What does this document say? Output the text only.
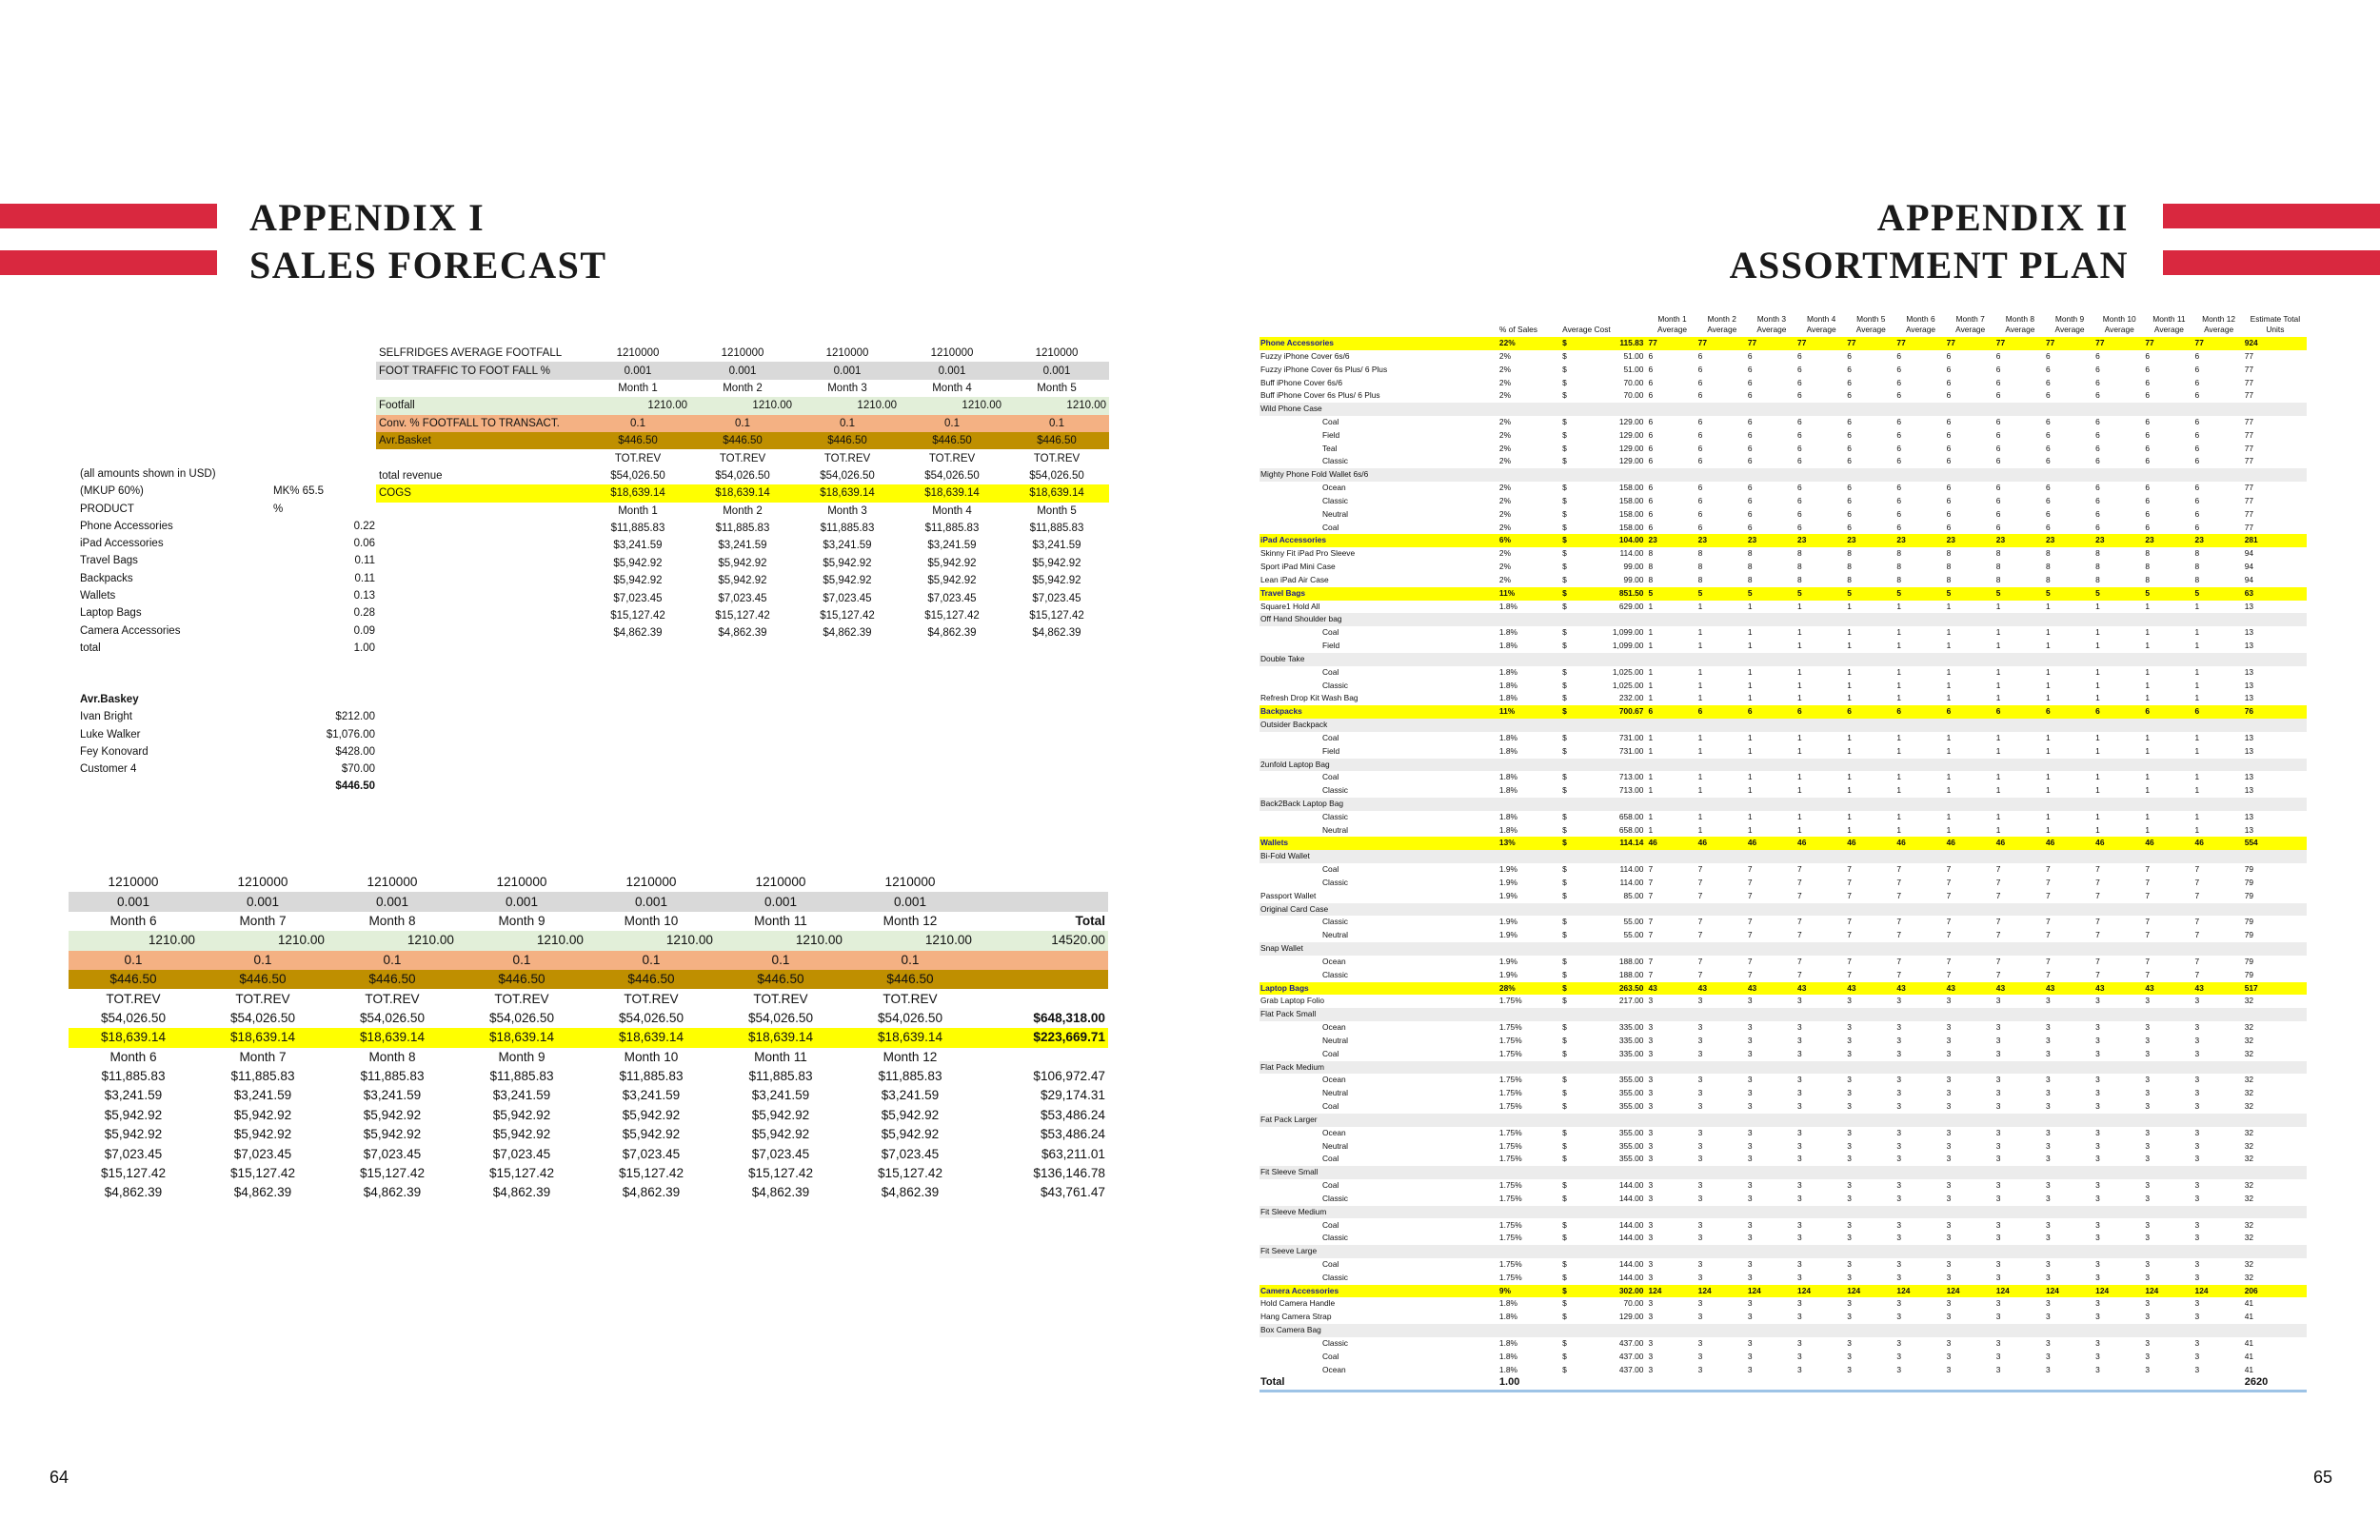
APPENDIX I
SALES FORECAST
APPENDIX II
ASSORTMENT PLAN
64	65
SELFRIDGES AVERAGE FOOTFALL	1210000	1210000	1210000	1210000	1210000
FOOT TRAFFIC TO FOOT FALL %	0.001	0.001	0.001	0.001	0.001
	Month 1	Month 2	Month 3	Month 4	Month 5
Footfall	1210.00	1210.00	1210.00	1210.00	1210.00
Conv. % FOOTFALL TO TRANSACT.	0.1	0.1	0.1	0.1	0.1
Avr.Basket	$446.50	$446.50	$446.50	$446.50	$446.50
	TOT.REV	TOT.REV	TOT.REV	TOT.REV	TOT.REV
total revenue	$54,026.50	$54,026.50	$54,026.50	$54,026.50	$54,026.50
COGS	$18,639.14	$18,639.14	$18,639.14	$18,639.14	$18,639.14
	Month 1	Month 2	Month 3	Month 4	Month 5
	$11,885.83	$11,885.83	$11,885.83	$11,885.83	$11,885.83
	$3,241.59	$3,241.59	$3,241.59	$3,241.59	$3,241.59
	$5,942.92	$5,942.92	$5,942.92	$5,942.92	$5,942.92
	$5,942.92	$5,942.92	$5,942.92	$5,942.92	$5,942.92
	$7,023.45	$7,023.45	$7,023.45	$7,023.45	$7,023.45
	$15,127.42	$15,127.42	$15,127.42	$15,127.42	$15,127.42
	$4,862.39	$4,862.39	$4,862.39	$4,862.39	$4,862.39
(all amounts shown in USD)
(MKUP 60%)	MK% 65.5
PRODUCT	%
Phone Accessories	0.22
iPad Accessories	0.06
Travel Bags	0.11
Backpacks	0.11
Wallets	0.13
Laptop Bags	0.28
Camera Accessories	0.09
total	1.00
Avr.Baskey
Ivan Bright	$212.00
Luke Walker	$1,076.00
Fey Konovard	$428.00
Customer 4	$70.00
$446.50
1210000	1210000	1210000	1210000	1210000	1210000	1210000	
0.001	0.001	0.001	0.001	0.001	0.001	0.001	
Month 6	Month 7	Month 8	Month 9	Month 10	Month 11	Month 12	Total
1210.00	1210.00	1210.00	1210.00	1210.00	1210.00	1210.00	14520.00
0.1	0.1	0.1	0.1	0.1	0.1	0.1	
$446.50	$446.50	$446.50	$446.50	$446.50	$446.50	$446.50	
TOT.REV	TOT.REV	TOT.REV	TOT.REV	TOT.REV	TOT.REV	TOT.REV	
$54,026.50	$54,026.50	$54,026.50	$54,026.50	$54,026.50	$54,026.50	$54,026.50	$648,318.00
$18,639.14	$18,639.14	$18,639.14	$18,639.14	$18,639.14	$18,639.14	$18,639.14	$223,669.71
Month 6	Month 7	Month 8	Month 9	Month 10	Month 11	Month 12	
$11,885.83	$11,885.83	$11,885.83	$11,885.83	$11,885.83	$11,885.83	$11,885.83	$106,972.47
$3,241.59	$3,241.59	$3,241.59	$3,241.59	$3,241.59	$3,241.59	$3,241.59	$29,174.31
$5,942.92	$5,942.92	$5,942.92	$5,942.92	$5,942.92	$5,942.92	$5,942.92	$53,486.24
$5,942.92	$5,942.92	$5,942.92	$5,942.92	$5,942.92	$5,942.92	$5,942.92	$53,486.24
$7,023.45	$7,023.45	$7,023.45	$7,023.45	$7,023.45	$7,023.45	$7,023.45	$63,211.01
$15,127.42	$15,127.42	$15,127.42	$15,127.42	$15,127.42	$15,127.42	$15,127.42	$136,146.78
$4,862.39	$4,862.39	$4,862.39	$4,862.39	$4,862.39	$4,862.39	$4,862.39	$43,761.47
	% of Sales	Average Cost	Month 1 Average	Month 2 Average	Month 3 Average	Month 4 Average	Month 5 Average	Month 6 Average	Month 7 Average	Month 8 Average	Month 9 Average	Month 10 Average	Month 11 Average	Month 12 Average	Estimate Total Units
Phone Accessories	22%	$ 115.83	77	77	77	77	77	77	77	77	77	77	77	77	924
Fuzzy iPhone Cover 6s/6	2%	$ 51.00	6	6	6	6	6	6	6	6	6	6	6	6	77
Fuzzy iPhone Cover 6s Plus/ 6 Plus	2%	$ 51.00	6	6	6	6	6	6	6	6	6	6	6	6	77
Buff iPhone Cover 6s/6	2%	$ 70.00	6	6	6	6	6	6	6	6	6	6	6	6	77
Buff iPhone Cover 6s Plus/ 6 Plus	2%	$ 70.00	6	6	6	6	6	6	6	6	6	6	6	6	77
Wild Phone Case															
Coal	2%	$ 129.00	6	6	6	6	6	6	6	6	6	6	6	6	77
Field	2%	$ 129.00	6	6	6	6	6	6	6	6	6	6	6	6	77
Teal	2%	$ 129.00	6	6	6	6	6	6	6	6	6	6	6	6	77
Classic	2%	$ 129.00	6	6	6	6	6	6	6	6	6	6	6	6	77
Mighty Phone Fold Wallet 6s/6															
Ocean	2%	$ 158.00	6	6	6	6	6	6	6	6	6	6	6	6	77
Classic	2%	$ 158.00	6	6	6	6	6	6	6	6	6	6	6	6	77
Neutral	2%	$ 158.00	6	6	6	6	6	6	6	6	6	6	6	6	77
Coal	2%	$ 158.00	6	6	6	6	6	6	6	6	6	6	6	6	77
iPad Accessories	6%	$ 104.00	23	23	23	23	23	23	23	23	23	23	23	23	281
Skinny Fit iPad Pro Sleeve	2%	$ 114.00	8	8	8	8	8	8	8	8	8	8	8	8	94
Sport iPad Mini Case	2%	$ 99.00	8	8	8	8	8	8	8	8	8	8	8	8	94
Lean iPad Air Case	2%	$ 99.00	8	8	8	8	8	8	8	8	8	8	8	8	94
Travel Bags	11%	$ 851.50	5	5	5	5	5	5	5	5	5	5	5	5	63
Square1 Hold All	1.8%	$ 629.00	1	1	1	1	1	1	1	1	1	1	1	1	13
Off Hand Shoulder bag															
Coal	1.8%	$ 1,099.00	1	1	1	1	1	1	1	1	1	1	1	1	13
Field	1.8%	$ 1,099.00	1	1	1	1	1	1	1	1	1	1	1	1	13
Double Take															
Coal	1.8%	$ 1,025.00	1	1	1	1	1	1	1	1	1	1	1	1	13
Classic	1.8%	$ 1,025.00	1	1	1	1	1	1	1	1	1	1	1	1	13
Refresh Drop Kit Wash Bag	1.8%	$ 232.00	1	1	1	1	1	1	1	1	1	1	1	1	13
Backpacks	11%	$ 700.67	6	6	6	6	6	6	6	6	6	6	6	6	76
Outsider Backpack															
Coal	1.8%	$ 731.00	1	1	1	1	1	1	1	1	1	1	1	1	13
Field	1.8%	$ 731.00	1	1	1	1	1	1	1	1	1	1	1	1	13
2unfold Laptop Bag															
Coal	1.8%	$ 713.00	1	1	1	1	1	1	1	1	1	1	1	1	13
Classic	1.8%	$ 713.00	1	1	1	1	1	1	1	1	1	1	1	1	13
Back2Back Laptop Bag															
Classic	1.8%	$ 658.00	1	1	1	1	1	1	1	1	1	1	1	1	13
Neutral	1.8%	$ 658.00	1	1	1	1	1	1	1	1	1	1	1	1	13
Wallets	13%	$ 114.14	46	46	46	46	46	46	46	46	46	46	46	46	554
Bi-Fold Wallet															
Coal	1.9%	$ 114.00	7	7	7	7	7	7	7	7	7	7	7	7	79
Classic	1.9%	$ 114.00	7	7	7	7	7	7	7	7	7	7	7	7	79
Passport Wallet	1.9%	$ 85.00	7	7	7	7	7	7	7	7	7	7	7	7	79
Original Card Case															
Classic	1.9%	$ 55.00	7	7	7	7	7	7	7	7	7	7	7	7	79
Neutral	1.9%	$ 55.00	7	7	7	7	7	7	7	7	7	7	7	7	79
Snap Wallet															
Ocean	1.9%	$ 188.00	7	7	7	7	7	7	7	7	7	7	7	7	79
Classic	1.9%	$ 188.00	7	7	7	7	7	7	7	7	7	7	7	7	79
Laptop Bags	28%	$ 263.50	43	43	43	43	43	43	43	43	43	43	43	43	517
Grab Laptop Folio	1.75%	$ 217.00	3	3	3	3	3	3	3	3	3	3	3	3	32
Flat Pack Small															
Ocean	1.75%	$ 335.00	3	3	3	3	3	3	3	3	3	3	3	3	32
Neutral	1.75%	$ 335.00	3	3	3	3	3	3	3	3	3	3	3	3	32
Coal	1.75%	$ 335.00	3	3	3	3	3	3	3	3	3	3	3	3	32
Flat Pack Medium															
Ocean	1.75%	$ 355.00	3	3	3	3	3	3	3	3	3	3	3	3	32
Neutral	1.75%	$ 355.00	3	3	3	3	3	3	3	3	3	3	3	3	32
Coal	1.75%	$ 355.00	3	3	3	3	3	3	3	3	3	3	3	3	32
Fat Pack Larger															
Ocean	1.75%	$ 355.00	3	3	3	3	3	3	3	3	3	3	3	3	32
Neutral	1.75%	$ 355.00	3	3	3	3	3	3	3	3	3	3	3	3	32
Coal	1.75%	$ 355.00	3	3	3	3	3	3	3	3	3	3	3	3	32
Fit Sleeve Small															
Coal	1.75%	$ 144.00	3	3	3	3	3	3	3	3	3	3	3	3	32
Classic	1.75%	$ 144.00	3	3	3	3	3	3	3	3	3	3	3	3	32
Fit Sleeve Medium															
Coal	1.75%	$ 144.00	3	3	3	3	3	3	3	3	3	3	3	3	32
Classic	1.75%	$ 144.00	3	3	3	3	3	3	3	3	3	3	3	3	32
Fit Seeve Large															
Coal	1.75%	$ 144.00	3	3	3	3	3	3	3	3	3	3	3	3	32
Classic	1.75%	$ 144.00	3	3	3	3	3	3	3	3	3	3	3	3	32
Camera Accessories	9%	$ 302.00	124	124	124	124	124	124	124	124	124	124	124	124	206
Hold Camera Handle	1.8%	$ 70.00	3	3	3	3	3	3	3	3	3	3	3	3	41
Hang Camera Strap	1.8%	$ 129.00	3	3	3	3	3	3	3	3	3	3	3	3	41
Box Camera Bag															
Classic	1.8%	$ 437.00	3	3	3	3	3	3	3	3	3	3	3	3	41
Coal	1.8%	$ 437.00	3	3	3	3	3	3	3	3	3	3	3	3	41
Ocean	1.8%	$ 437.00	3	3	3	3	3	3	3	3	3	3	3	3	41
Total	1.00														2620
